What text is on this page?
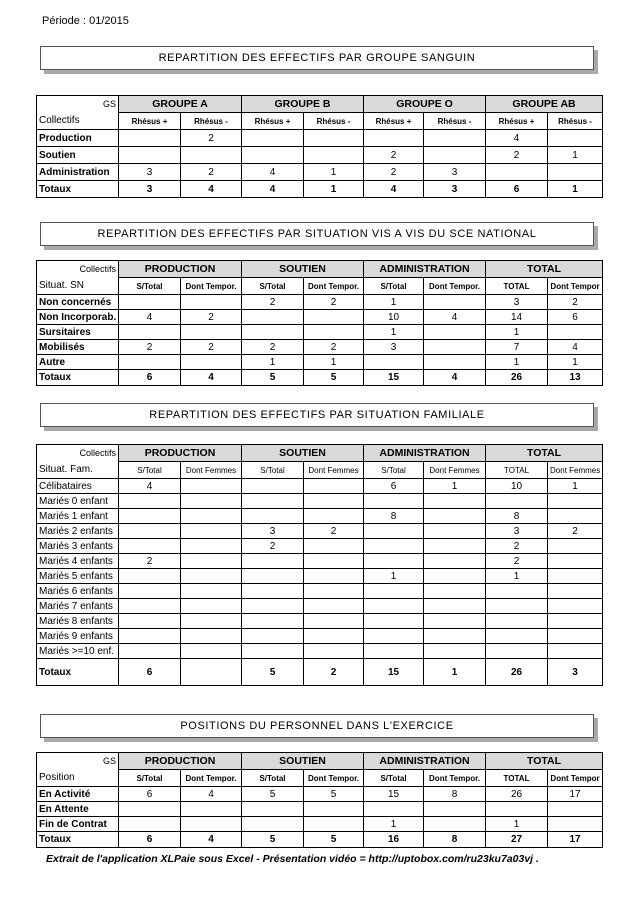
Période : 01/2015
REPARTITION DES EFFECTIFS PAR GROUPE SANGUIN
GS	GROUPE A		GROUPE B		GROUPE O		GROUPE AB	
Collectifs	Rhésus +	Rhésus -	Rhésus +	Rhésus -	Rhésus +	Rhésus -	Rhésus +	Rhésus -
Production		2					4	
Soutien					2		2	1
Administration	3	2	4	1	2	3		
Totaux	3	4	4	1	4	3	6	1
REPARTITION DES EFFECTIFS PAR SITUATION VIS A VIS DU SCE NATIONAL
Collectifs	PRODUCTION		SOUTIEN		ADMINISTRATION		TOTAL	
Situat. SN	S/Total	Dont Tempor.	S/Total	Dont Tempor.	S/Total	Dont Tempor.	TOTAL	Dont Tempor
Non concernés			2	2	1		3	2
Non Incorporab.	4	2			10	4	14	6
Sursitaires					1		1	
Mobilisés	2	2	2	2	3		7	4
Autre			1	1			1	1
Totaux	6	4	5	5	15	4	26	13
REPARTITION DES EFFECTIFS PAR SITUATION FAMILIALE
Collectifs	PRODUCTION		SOUTIEN		ADMINISTRATION		TOTAL	
Situat. Fam.	S/Total	Dont Femmes	S/Total	Dont Femmes	S/Total	Dont Femmes	TOTAL	Dont Femmes
Célibataires	4				6	1	10	1
Mariés 0 enfant								
Mariés 1 enfant					8		8	
Mariés 2 enfants			3	2			3	2
Mariés 3 enfants			2				2	
Mariés 4 enfants	2						2	
Mariés 5 enfants					1		1	
Mariés 6 enfants								
Mariés 7 enfants								
Mariés 8 enfants								
Mariés 9 enfants								
Mariés >=10 enf.								
Totaux	6		5	2	15	1	26	3
POSITIONS DU PERSONNEL DANS L'EXERCICE
GS	PRODUCTION		SOUTIEN		ADMINISTRATION		TOTAL	
Position	S/Total	Dont Tempor.	S/Total	Dont Tempor.	S/Total	Dont Tempor.	TOTAL	Dont Tempor
En Activité	6	4	5	5	15	8	26	17
En Attente								
Fin de Contrat					1		1	
Totaux	6	4	5	5	16	8	27	17
Extrait de l'application XLPaie sous Excel - Présentation vidéo = http://uptobox.com/ru23ku7a03vj .
